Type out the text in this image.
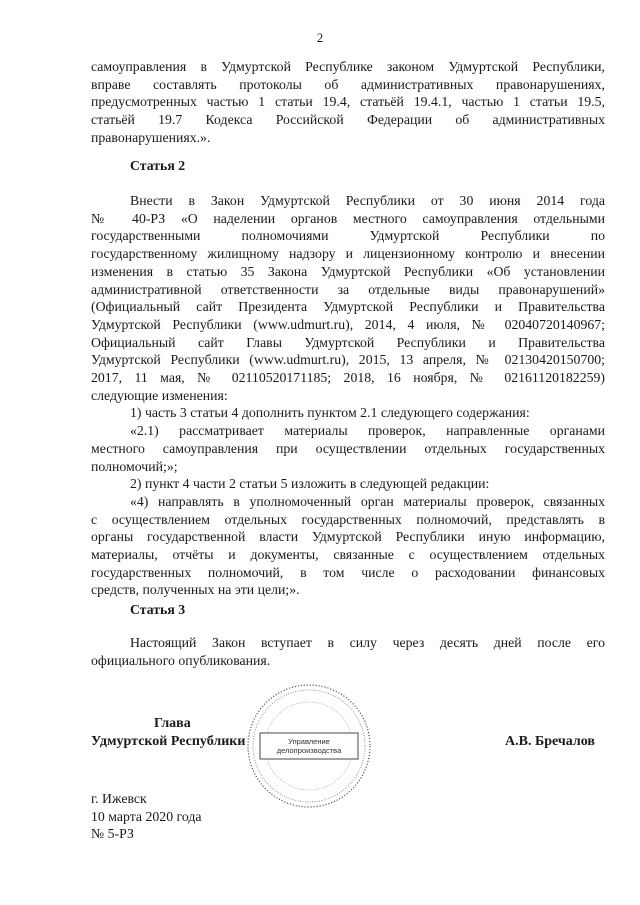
2

самоуправления в Удмуртской Республике законом Удмуртской Республики,

вправе составлять протоколы об административных правонарушениях,

предусмотренных частью 1 статьи 19.4, статьёй 19.4.1, частью 1 статьи 19.5,

статьёй 19.7 Кодекса Российской Федерации об административных

правонарушениях.».

Статья 2

Внести в Закон Удмуртской Республики от 30 июня 2014 года

№ 40-РЗ «О наделении органов местного самоуправления отдельными

государственными полномочиями Удмуртской Республики по

государственному жилищному надзору и лицензионному контролю и внесении

изменения в статью 35 Закона Удмуртской Республики «Об установлении

административной ответственности за отдельные виды правонарушений»

(Официальный сайт Президента Удмуртской Республики и Правительства

Удмуртской Республики (www.udmurt.ru), 2014, 4 июля, № 02040720140967;

Официальный сайт Главы Удмуртской Республики и Правительства

Удмуртской Республики (www.udmurt.ru), 2015, 13 апреля, № 02130420150700;

2017, 11 мая, № 02110520171185; 2018, 16 ноября, № 02161120182259)

следующие изменения:

1) часть 3 статьи 4 дополнить пунктом 2.1 следующего содержания:

«2.1) рассматривает материалы проверок, направленные органами

местного самоуправления при осуществлении отдельных государственных

полномочий;»;

2) пункт 4 части 2 статьи 5 изложить в следующей редакции:

«4) направлять в уполномоченный орган материалы проверок, связанных

с осуществлением отдельных государственных полномочий, представлять в

органы государственной власти Удмуртской Республики иную информацию,

материалы, отчёты и документы, связанные с осуществлением отдельных

государственных полномочий, в том числе о расходовании финансовых

средств, полученных на эти цели;».

Статья 3

Настоящий Закон вступает в силу через десять дней после его

официального опубликования.

Глава
Удмуртской Республики	А.В. Бречалов
Управление
делопроизводства
г. Ижевск
10 марта 2020 года
№ 5-РЗ
